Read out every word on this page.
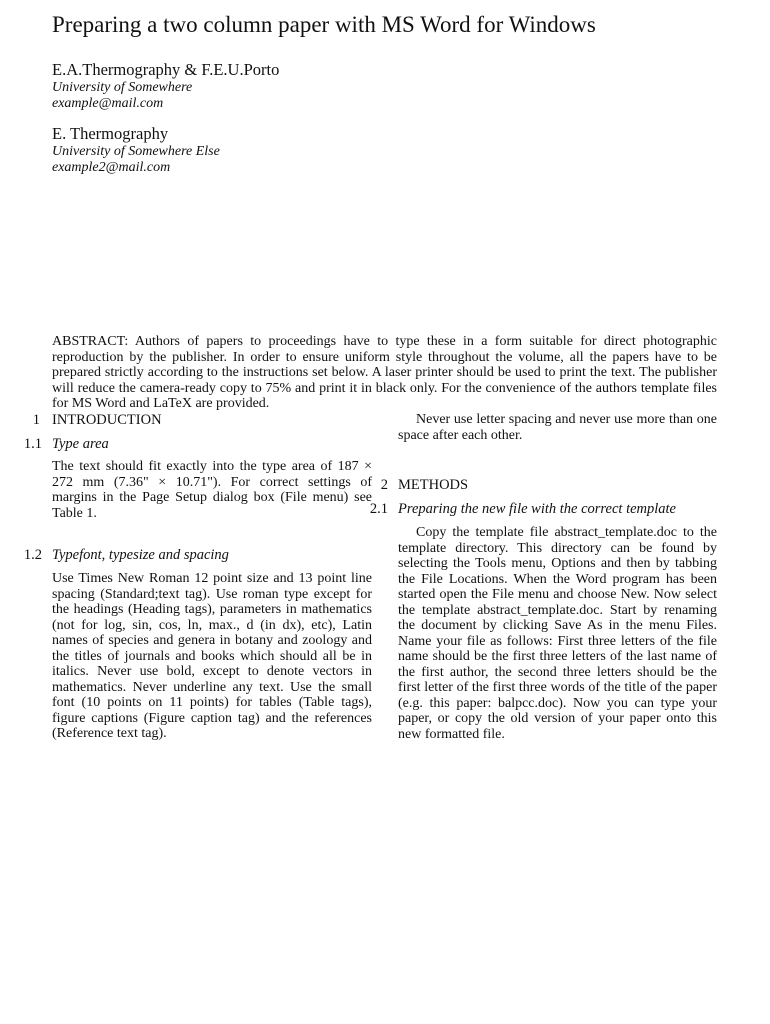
Preparing a two column paper with MS Word for Windows
E.A.Thermography & F.E.U.Porto
University of Somewhere
example@mail.com
E. Thermography
University of Somewhere Else
example2@mail.com
ABSTRACT: Authors of papers to proceedings have to type these in a form suitable for direct photographic reproduction by the publisher. In order to ensure uniform style throughout the volume, all the papers have to be prepared strictly according to the instructions set below. A laser printer should be used to print the text. The publisher will reduce the camera-ready copy to 75% and print it in black only. For the convenience of the authors template files for MS Word and LaTeX are provided.
1 INTRODUCTION
1.1 Type area
The text should fit exactly into the type area of 187 × 272 mm (7.36" × 10.71"). For correct settings of margins in the Page Setup dialog box (File menu) see Table 1.
1.2 Typefont, typesize and spacing
Use Times New Roman 12 point size and 13 point line spacing (Standard;text tag). Use roman type except for the headings (Heading tags), parameters in mathematics (not for log, sin, cos, ln, max., d (in dx), etc), Latin names of species and genera in botany and zoology and the titles of journals and books which should all be in italics. Never use bold, except to denote vectors in mathematics. Never underline any text. Use the small font (10 points on 11 points) for tables (Table tags), figure captions (Figure caption tag) and the references (Reference text tag).
Never use letter spacing and never use more than one space after each other.
2 METHODS
2.1 Preparing the new file with the correct template
Copy the template file abstract_template.doc to the template directory. This directory can be found by selecting the Tools menu, Options and then by tabbing the File Locations. When the Word program has been started open the File menu and choose New. Now select the template abstract_template.doc. Start by renaming the document by clicking Save As in the menu Files. Name your file as follows: First three letters of the file name should be the first three letters of the last name of the first author, the second three letters should be the first letter of the first three words of the title of the paper (e.g. this paper: balpcc.doc). Now you can type your paper, or copy the old version of your paper onto this new formatted file.
